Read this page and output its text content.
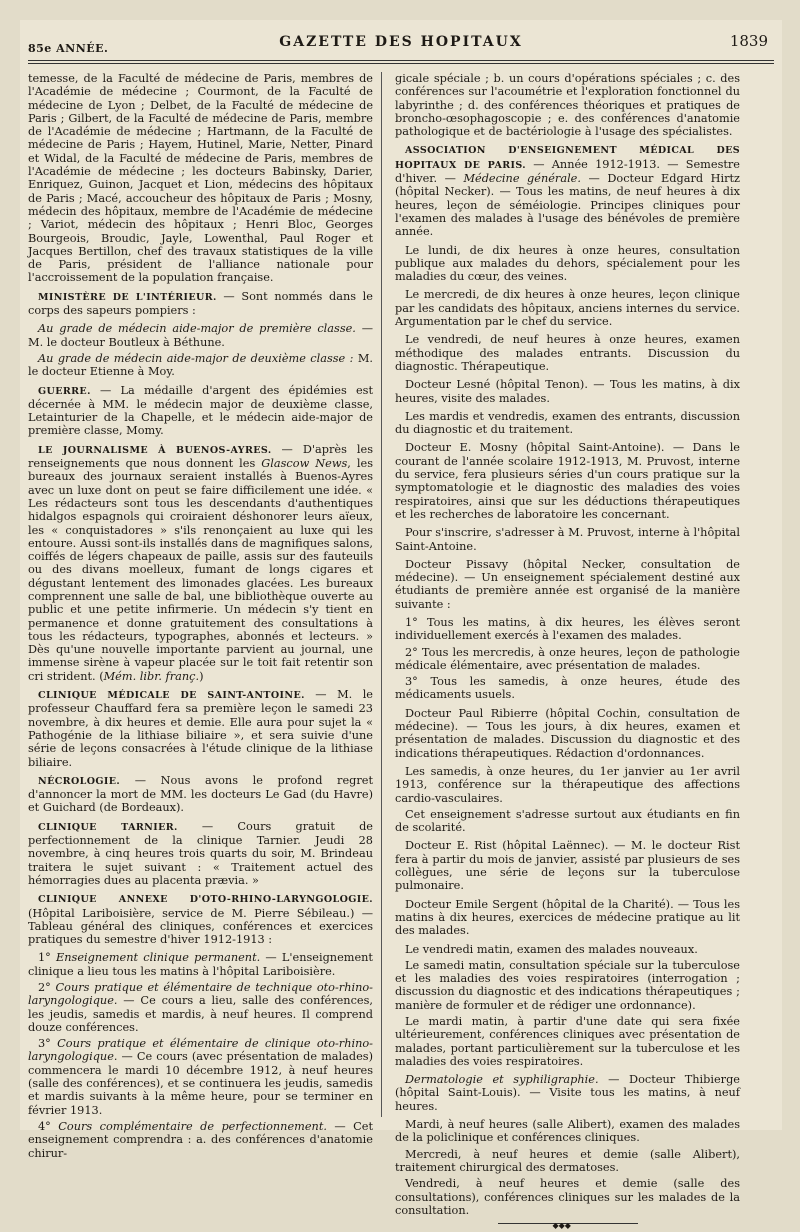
85e ANNÉE.	GAZETTE DES HOPITAUX	1839

temesse, de la Faculté de médecine de Paris, membres de l'Académie de médecine ; Courmont, de la Faculté de médecine de Lyon ; Delbet, de la Faculté de médecine de Paris ; Gilbert, de la Faculté de médecine de Paris, membre de l'Académie de médecine ; Hartmann, de la Faculté de médecine de Paris ; Hayem, Hutinel, Marie, Netter, Pinard et Widal, de la Faculté de médecine de Paris, membres de l'Académie de médecine ; les docteurs Babinsky, Darier, Enriquez, Guinon, Jacquet et Lion, médecins des hôpitaux de Paris ; Macé, accoucheur des hôpitaux de Paris ; Mosny, médecin des hôpitaux, membre de l'Académie de médecine ; Variot, médecin des hôpitaux ; Henri Bloc, Georges Bourgeois, Broudic, Jayle, Lowenthal, Paul Roger et Jacques Bertillon, chef des travaux statistiques de la ville de Paris, président de l'alliance nationale pour l'accroissement de la population française.

MINISTÈRE DE L'INTÉRIEUR. — Sont nommés dans le corps des sapeurs pompiers :

Au grade de médecin aide-major de première classe. — M. le docteur Boutleux à Béthune.

Au grade de médecin aide-major de deuxième classe : M. le docteur Etienne à Moy.

GUERRE. — La médaille d'argent des épidémies est décernée à MM. le médecin major de deuxième classe, Letainturier de la Chapelle, et le médecin aide-major de première classe, Momy.

LE JOURNALISME À BUENOS-AYRES. — D'après les renseignements que nous donnent les Glascow News, les bureaux des journaux seraient installés à Buenos-Ayres avec un luxe dont on peut se faire difficilement une idée. « Les rédacteurs sont tous les descendants d'authentiques hidalgos espagnols qui croiraient déshonorer leurs aïeux, les « conquistadores » s'ils renonçaient au luxe qui les entoure. Aussi sont-ils installés dans de magnifiques salons, coiffés de légers chapeaux de paille, assis sur des fauteuils ou des divans moelleux, fumant de longs cigares et dégustant lentement des limonades glacées. Les bureaux comprennent une salle de bal, une bibliothèque ouverte au public et une petite infirmerie. Un médecin s'y tient en permanence et donne gratuitement des consultations à tous les rédacteurs, typographes, abonnés et lecteurs. » Dès qu'une nouvelle importante parvient au journal, une immense sirène à vapeur placée sur le toit fait retentir son cri strident. (Mém. libr. franç.)

CLINIQUE MÉDICALE DE SAINT-ANTOINE. — M. le professeur Chauffard fera sa première leçon le samedi 23 novembre, à dix heures et demie. Elle aura pour sujet la « Pathogénie de la lithiase biliaire », et sera suivie d'une série de leçons consacrées à l'étude clinique de la lithiase biliaire.

NÉCROLOGIE. — Nous avons le profond regret d'annoncer la mort de MM. les docteurs Le Gad (du Havre) et Guichard (de Bordeaux).

CLINIQUE TARNIER. — Cours gratuit de perfectionnement de la clinique Tarnier. Jeudi 28 novembre, à cinq heures trois quarts du soir, M. Brindeau traitera le sujet suivant : « Traitement actuel des hémorragies dues au placenta prævia. »

CLINIQUE ANNEXE D'OTO-RHINO-LARYNGOLOGIE. (Hôpital Lariboisière, service de M. Pierre Sébileau.) — Tableau général des cliniques, conférences et exercices pratiques du semestre d'hiver 1912-1913 :

1° Enseignement clinique permanent. — L'enseignement clinique a lieu tous les matins à l'hôpital Lariboisière.

2° Cours pratique et élémentaire de technique oto-rhino-laryngologique. — Ce cours a lieu, salle des conférences, les jeudis, samedis et mardis, à neuf heures. Il comprend douze conférences.

3° Cours pratique et élémentaire de clinique oto-rhino-laryngologique. — Ce cours (avec présentation de malades) commencera le mardi 10 décembre 1912, à neuf heures (salle des conférences), et se continuera les jeudis, samedis et mardis suivants à la même heure, pour se terminer en février 1913.

4° Cours complémentaire de perfectionnement. — Cet enseignement comprendra : a. des conférences d'anatomie chirur-

gicale spéciale ; b. un cours d'opérations spéciales ; c. des conférences sur l'acoumétrie et l'exploration fonctionnel du labyrinthe ; d. des conférences théoriques et pratiques de broncho-œsophagoscopie ; e. des conférences d'anatomie pathologique et de bactériologie à l'usage des spécialistes.

ASSOCIATION D'ENSEIGNEMENT MÉDICAL DES HOPITAUX DE PARIS. — Année 1912-1913. — Semestre d'hiver. — Médecine générale. — Docteur Edgard Hirtz (hôpital Necker). — Tous les matins, de neuf heures à dix heures, leçon de séméiologie. Principes cliniques pour l'examen des malades à l'usage des bénévoles de première année.

Le lundi, de dix heures à onze heures, consultation publique aux malades du dehors, spécialement pour les maladies du cœur, des veines.

Le mercredi, de dix heures à onze heures, leçon clinique par les candidats des hôpitaux, anciens internes du service. Argumentation par le chef du service.

Le vendredi, de neuf heures à onze heures, examen méthodique des malades entrants. Discussion du diagnostic. Thérapeutique.

Docteur Lesné (hôpital Tenon). — Tous les matins, à dix heures, visite des malades.

Les mardis et vendredis, examen des entrants, discussion du diagnostic et du traitement.

Docteur E. Mosny (hôpital Saint-Antoine). — Dans le courant de l'année scolaire 1912-1913, M. Pruvost, interne du service, fera plusieurs séries d'un cours pratique sur la symptomatologie et le diagnostic des maladies des voies respiratoires, ainsi que sur les déductions thérapeutiques et les recherches de laboratoire les concernant.

Pour s'inscrire, s'adresser à M. Pruvost, interne à l'hôpital Saint-Antoine.

Docteur Pissavy (hôpital Necker, consultation de médecine). — Un enseignement spécialement destiné aux étudiants de première année est organisé de la manière suivante :

1° Tous les matins, à dix heures, les élèves seront individuellement exercés à l'examen des malades.

2° Tous les mercredis, à onze heures, leçon de pathologie médicale élémentaire, avec présentation de malades.

3° Tous les samedis, à onze heures, étude des médicaments usuels.

Docteur Paul Ribierre (hôpital Cochin, consultation de médecine). — Tous les jours, à dix heures, examen et présentation de malades. Discussion du diagnostic et des indications thérapeutiques. Rédaction d'ordonnances.

Les samedis, à onze heures, du 1er janvier au 1er avril 1913, conférence sur la thérapeutique des affections cardio-vasculaires.

Cet enseignement s'adresse surtout aux étudiants en fin de scolarité.

Docteur E. Rist (hôpital Laënnec). — M. le docteur Rist fera à partir du mois de janvier, assisté par plusieurs de ses collègues, une série de leçons sur la tuberculose pulmonaire.

Docteur Emile Sergent (hôpital de la Charité). — Tous les matins à dix heures, exercices de médecine pratique au lit des malades.

Le vendredi matin, examen des malades nouveaux.

Le samedi matin, consultation spéciale sur la tuberculose et les maladies des voies respiratoires (interrogation ; discussion du diagnostic et des indications thérapeutiques ; manière de formuler et de rédiger une ordonnance).

Le mardi matin, à partir d'une date qui sera fixée ultérieurement, conférences cliniques avec présentation de malades, portant particulièrement sur la tuberculose et les maladies des voies respiratoires.

Dermatologie et syphiligraphie. — Docteur Thibierge (hôpital Saint-Louis). — Visite tous les matins, à neuf heures.

Mardi, à neuf heures (salle Alibert), examen des malades de la policlinique et conférences cliniques.

Mercredi, à neuf heures et demie (salle Alibert), traitement chirurgical des dermatoses.

Vendredi, à neuf heures et demie (salle des consultations), conférences cliniques sur les malades de la consultation.

◆◆◆
